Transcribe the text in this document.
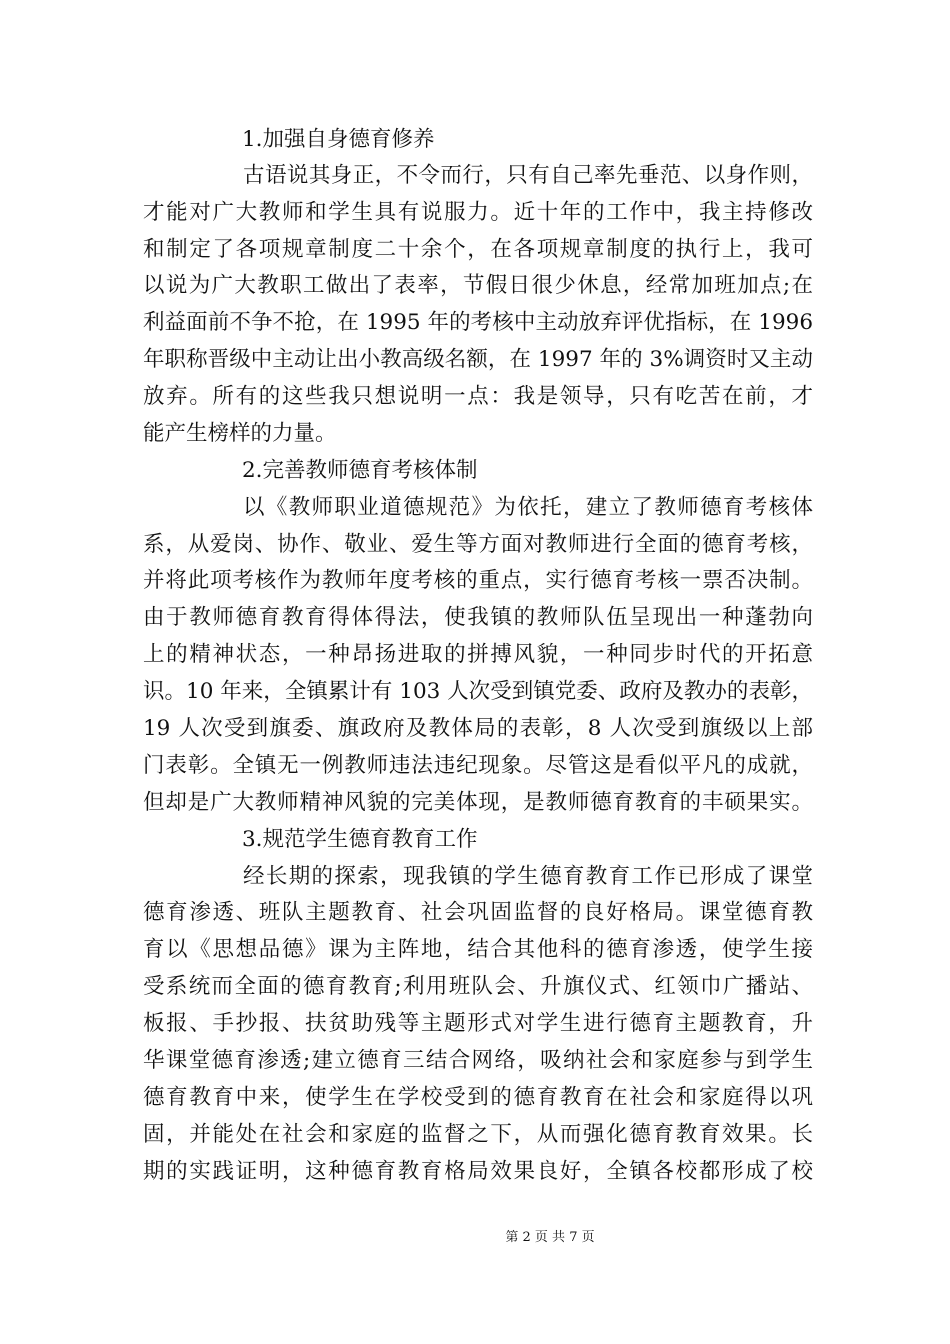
1.加强自身德育修养
古语说其身正，不令而行，只有自己率先垂范、以身作则，
才能对广大教师和学生具有说服力。近十年的工作中，我主持修改
和制定了各项规章制度二十余个，在各项规章制度的执行上，我可
以说为广大教职工做出了表率，节假日很少休息，经常加班加点;在
利益面前不争不抢，在 1995 年的考核中主动放弃评优指标，在 1996
年职称晋级中主动让出小教高级名额，在 1997 年的 3%调资时又主动
放弃。所有的这些我只想说明一点：我是领导，只有吃苦在前，才
能产生榜样的力量。
2.完善教师德育考核体制
以《教师职业道德规范》为依托，建立了教师德育考核体
系，从爱岗、协作、敬业、爱生等方面对教师进行全面的德育考核，
并将此项考核作为教师年度考核的重点，实行德育考核一票否决制。
由于教师德育教育得体得法，使我镇的教师队伍呈现出一种蓬勃向
上的精神状态，一种昂扬进取的拼搏风貌，一种同步时代的开拓意
识。10 年来，全镇累计有 103 人次受到镇党委、政府及教办的表彰，
19 人次受到旗委、旗政府及教体局的表彰，8 人次受到旗级以上部
门表彰。全镇无一例教师违法违纪现象。尽管这是看似平凡的成就，
但却是广大教师精神风貌的完美体现，是教师德育教育的丰硕果实。
3.规范学生德育教育工作
经长期的探索，现我镇的学生德育教育工作已形成了课堂
德育渗透、班队主题教育、社会巩固监督的良好格局。课堂德育教
育以《思想品德》课为主阵地，结合其他科的德育渗透，使学生接
受系统而全面的德育教育;利用班队会、升旗仪式、红领巾广播站、
板报、手抄报、扶贫助残等主题形式对学生进行德育主题教育，升
华课堂德育渗透;建立德育三结合网络，吸纳社会和家庭参与到学生
德育教育中来，使学生在学校受到的德育教育在社会和家庭得以巩
固，并能处在社会和家庭的监督之下，从而强化德育教育效果。长
期的实践证明，这种德育教育格局效果良好，全镇各校都形成了校
第 2 页 共 7 页
